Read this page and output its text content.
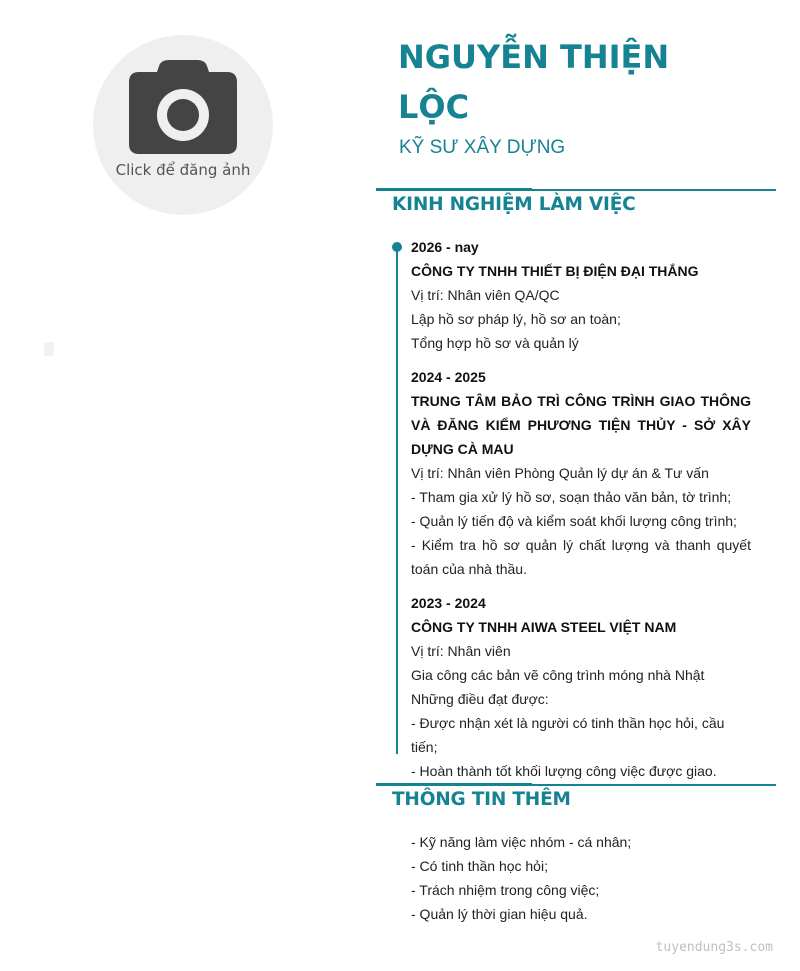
Click để đăng ảnh
NGUYỄN THIỆN LỘC
KỸ SƯ XÂY DỰNG
KINH NGHIỆM LÀM VIỆC
2026 - nay
CÔNG TY TNHH THIẾT BỊ ĐIỆN ĐẠI THẮNG
Vị trí: Nhân viên QA/QC
Lập hồ sơ pháp lý, hồ sơ an toàn;
Tổng hợp hồ sơ và quản lý
2024 - 2025
TRUNG TÂM BẢO TRÌ CÔNG TRÌNH GIAO THÔNG VÀ ĐĂNG KIỂM PHƯƠNG TIỆN THỦY - SỞ XÂY DỰNG CÀ MAU
Vị trí: Nhân viên Phòng Quản lý dự án & Tư vấn
- Tham gia xử lý hồ sơ, soạn thảo văn bản, tờ trình;
- Quản lý tiến độ và kiểm soát khối lượng công trình;
- Kiểm tra hồ sơ quản lý chất lượng và thanh quyết toán của nhà thầu.
2023 - 2024
CÔNG TY TNHH AIWA STEEL VIỆT NAM
Vị trí: Nhân viên
Gia công các bản vẽ công trình móng nhà Nhật
Những điều đạt được:
- Được nhận xét là người có tinh thần học hỏi, cầu tiến;
- Hoàn thành tốt khối lượng công việc được giao.
THÔNG TIN THÊM
- Kỹ năng làm việc nhóm - cá nhân;
- Có tinh thần học hỏi;
- Trách nhiệm trong công việc;
- Quản lý thời gian hiệu quả.
tuyendung3s.com
